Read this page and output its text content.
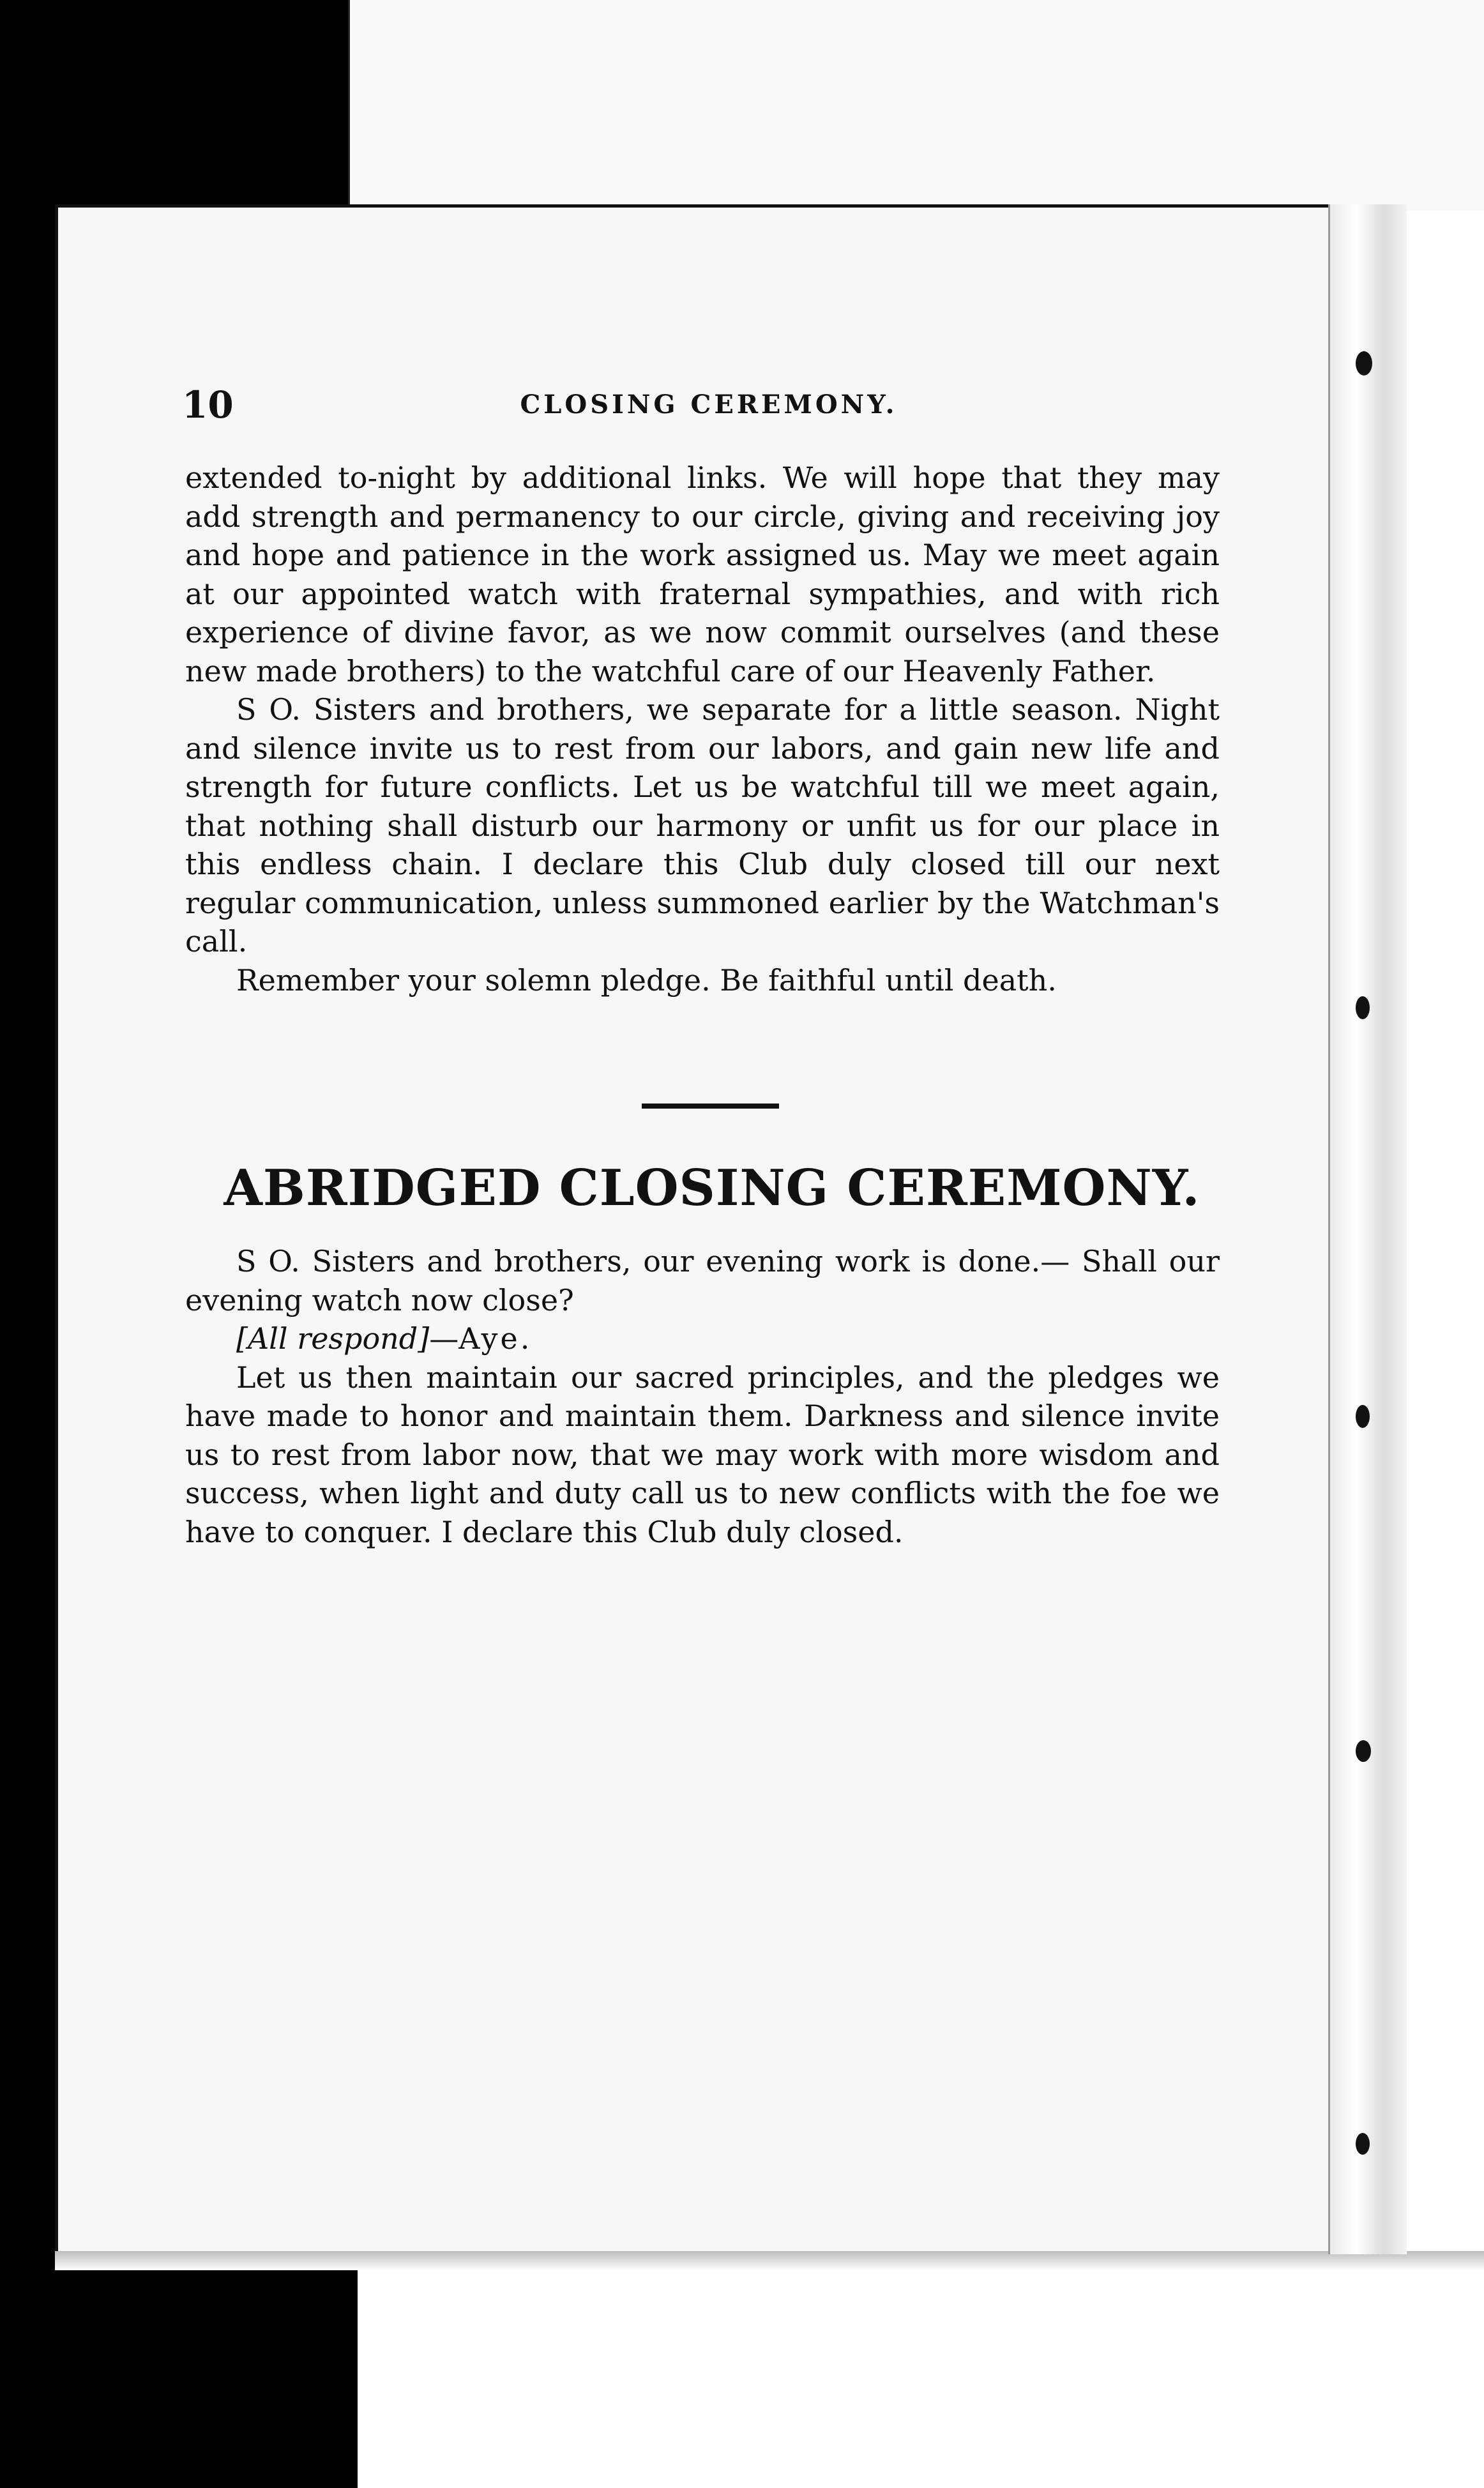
10	CLOSING CEREMONY.

extended to-night by additional links. We will hope that they may add strength and permanency to our circle, giving and receiving joy and hope and patience in the work assigned us. May we meet again at our appointed watch with fraternal sympathies, and with rich experience of divine favor, as we now commit ourselves (and these new made brothers) to the watchful care of our Heavenly Father.

S O. Sisters and brothers, we separate for a little season. Night and silence invite us to rest from our labors, and gain new life and strength for future conflicts. Let us be watchful till we meet again, that nothing shall disturb our harmony or unfit us for our place in this endless chain. I declare this Club duly closed till our next regular communication, unless summoned earlier by the Watchman's call.

Remember your solemn pledge. Be faithful until death.

ABRIDGED CLOSING CEREMONY.

S O. Sisters and brothers, our evening work is done.— Shall our evening watch now close?

[All respond]—Aye.

Let us then maintain our sacred principles, and the pledges we have made to honor and maintain them. Darkness and silence invite us to rest from labor now, that we may work with more wisdom and success, when light and duty call us to new conflicts with the foe we have to conquer. I declare this Club duly closed.
